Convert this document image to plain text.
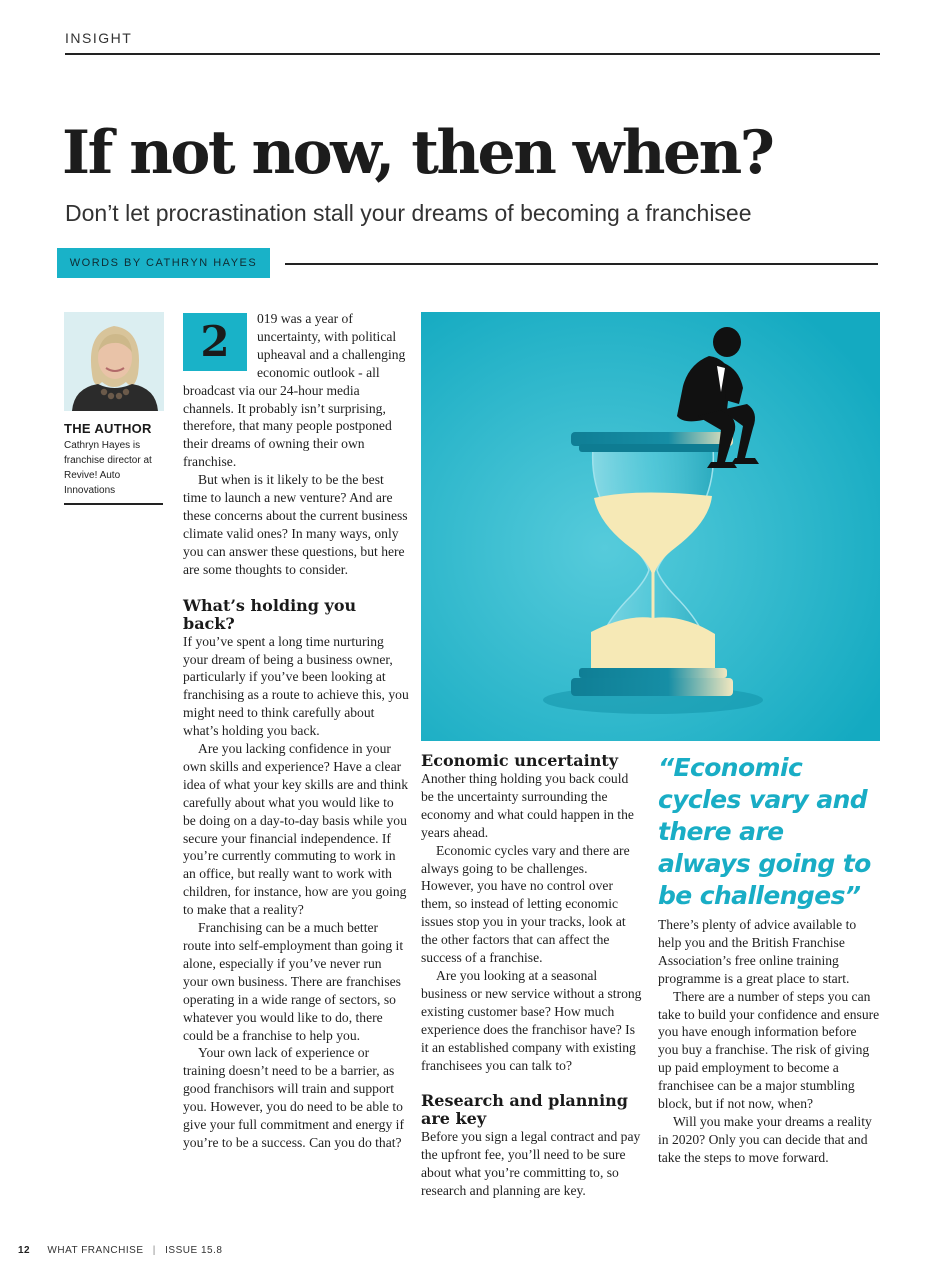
INSIGHT
If not now, then when?

Don’t let procrastination stall your dreams of becoming a franchisee

WORDS BY CATHRYN HAYES
THE AUTHOR

Cathryn Hayes is franchise director at Revive! Auto Innovations

2	019 was a year of uncertainty, with political upheaval and a challenging economic outlook - all broadcast via our 24-hour media channels. It probably isn’t surprising, therefore, that many people postponed their dreams of owning their own franchise.

But when is it likely to be the best time to launch a new venture? And are these concerns about the current business climate valid ones? In many ways, only you can answer these questions, but here are some thoughts to consider.

What’s holding you back?

If you’ve spent a long time nurturing your dream of being a business owner, particularly if you’ve been looking at franchising as a route to achieve this, you might need to think carefully about what’s holding you back.

Are you lacking confidence in your own skills and experience? Have a clear idea of what your key skills are and think carefully about what you would like to be doing on a day-to-day basis while you secure your financial independence. If you’re currently commuting to work in an office, but really want to work with children, for instance, how are you going to make that a reality?

Franchising can be a much better route into self-employment than going it alone, especially if you’ve never run your own business. There are franchises operating in a wide range of sectors, so whatever you would like to do, there could be a franchise to help you.

Your own lack of experience or training doesn’t need to be a barrier, as good franchisors will train and support you. However, you do need to be able to give your full commitment and energy if you’re to be a success. Can you do that?

“Economic cycles vary and there are always going to be challenges”

Economic uncertainty

Another thing holding you back could be the uncertainty surrounding the economy and what could happen in the years ahead.

Economic cycles vary and there are always going to be challenges. However, you have no control over them, so instead of letting economic issues stop you in your tracks, look at the other factors that can affect the success of a franchise.

Are you looking at a seasonal business or new service without a strong existing customer base? How much experience does the franchisor have? Is it an established company with existing franchisees you can talk to?

Research and planning are key

Before you sign a legal contract and pay the upfront fee, you’ll need to be sure about what you’re committing to, so research and planning are key.

There’s plenty of advice available to help you and the British Franchise Association’s free online training programme is a great place to start.

There are a number of steps you can take to build your confidence and ensure you have enough information before you buy a franchise. The risk of giving up paid employment to become a franchisee can be a major stumbling block, but if not now, when?

Will you make your dreams a reality in 2020? Only you can decide that and take the steps to move forward.

12 WHAT FRANCHISE | ISSUE 15.8
